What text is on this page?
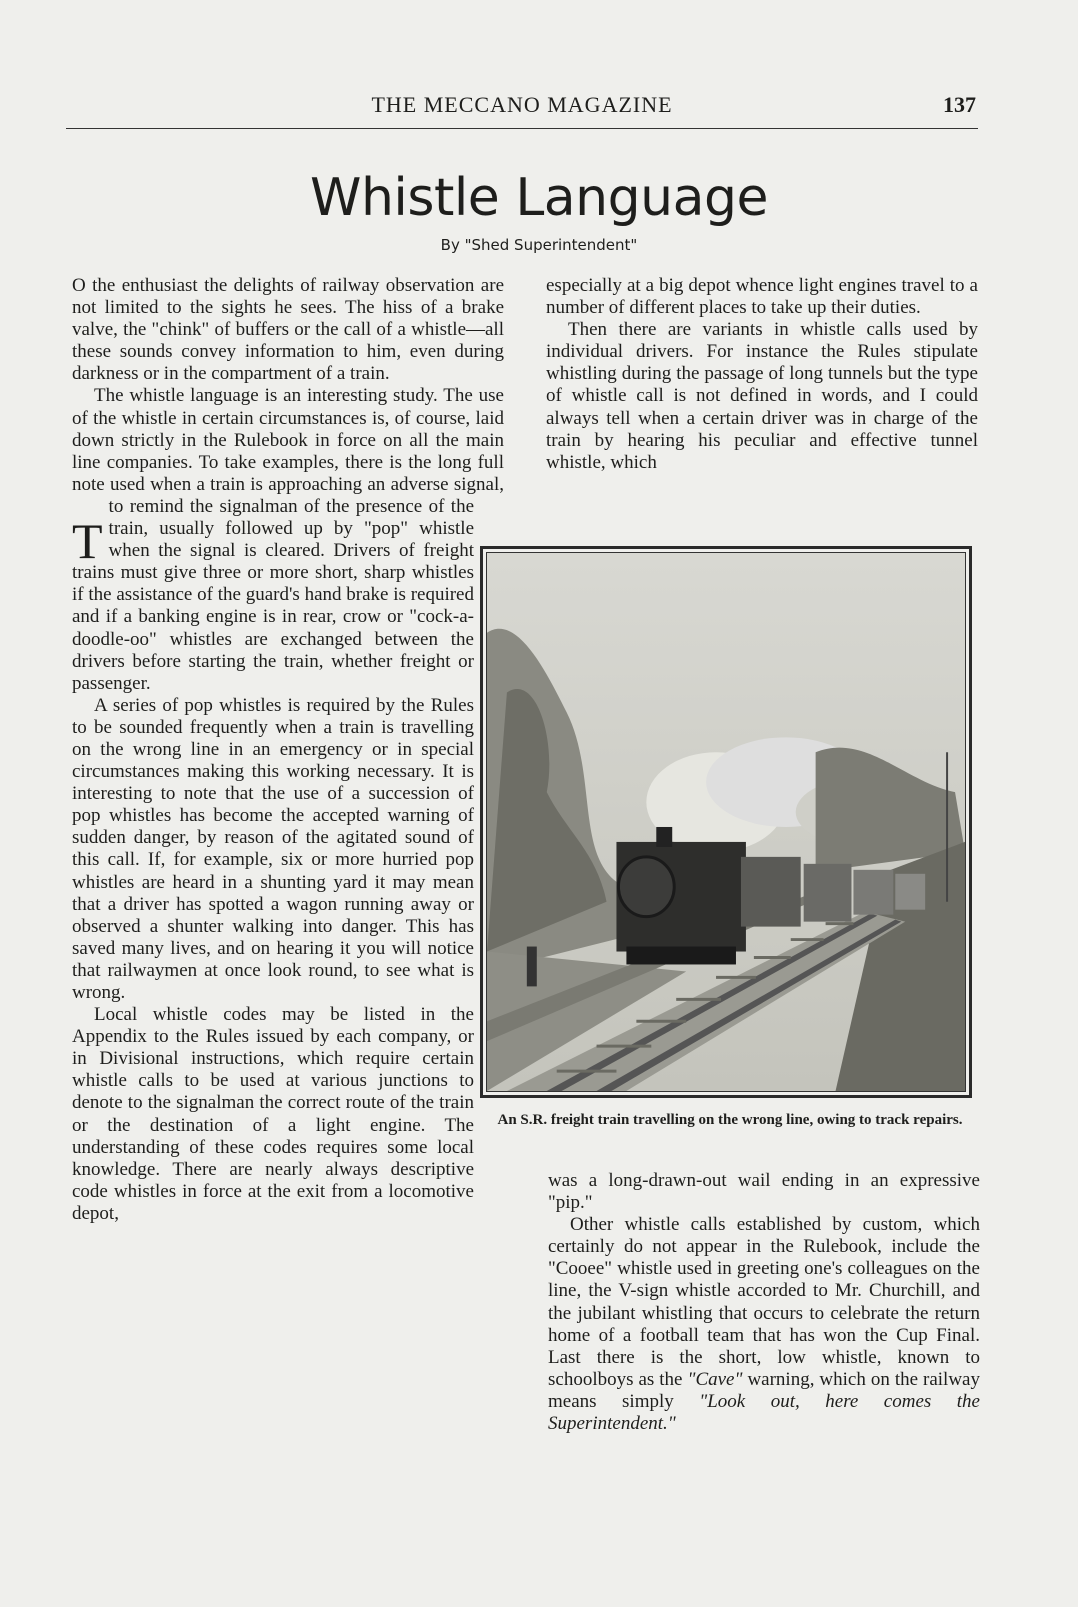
THE MECCANO MAGAZINE	137
Whistle Language
By "Shed Superintendent"

T
O the enthusiast the delights of railway observation are not limited to the sights he sees. The hiss of a brake valve, the "chink" of buffers or the call of a whistle—all these sounds convey information to him, even during darkness or in the compartment of a train.

The whistle language is an interesting study. The use of the whistle in certain circumstances is, of course, laid down strictly in the Rulebook in force on all the main line companies. To take examples, there is the long full note used when a train is approaching an adverse signal, to remind the signalman of the presence of the train, usually followed up by "pop" whistle when the signal is cleared. Drivers of freight trains must give three or more short, sharp whistles if the assistance of the guard's hand brake is required and if a banking engine is in rear, crow or "cock-a-doodle-oo" whistles are exchanged between the drivers before starting the train, whether freight or passenger.

A series of pop whistles is required by the Rules to be sounded frequently when a train is travelling on the wrong line in an emergency or in special circumstances making this working necessary. It is interesting to note that the use of a succession of pop whistles has become the accepted warning of sudden danger, by reason of the agitated sound of this call. If, for example, six or more hurried pop whistles are heard in a shunting yard it may mean that a driver has spotted a wagon running away or observed a shunter walking into danger. This has saved many lives, and on hearing it you will notice that railwaymen at once look round, to see what is wrong.

Local whistle codes may be listed in the Appendix to the Rules issued by each company, or in Divisional instructions, which require certain whistle calls to be used at various junctions to denote to the signalman the correct route of the train or the destination of a light engine. The understanding of these codes requires some local knowledge. There are nearly always descriptive code whistles in force at the exit from a locomotive depot,

especially at a big depot whence light engines travel to a number of different places to take up their duties.

Then there are variants in whistle calls used by individual drivers. For instance the Rules stipulate whistling during the passage of long tunnels but the type of whistle call is not defined in words, and I could always tell when a certain driver was in charge of the train by hearing his peculiar and effective tunnel whistle, which

An S.R. freight train travelling on the wrong line, owing to track repairs.

was a long-drawn-out wail ending in an expressive "pip."

Other whistle calls established by custom, which certainly do not appear in the Rulebook, include the "Cooee" whistle used in greeting one's colleagues on the line, the V-sign whistle accorded to Mr. Churchill, and the jubilant whistling that occurs to celebrate the return home of a football team that has won the Cup Final. Last there is the short, low whistle, known to schoolboys as the "Cave" warning, which on the railway means simply "Look out, here comes the Superintendent."
